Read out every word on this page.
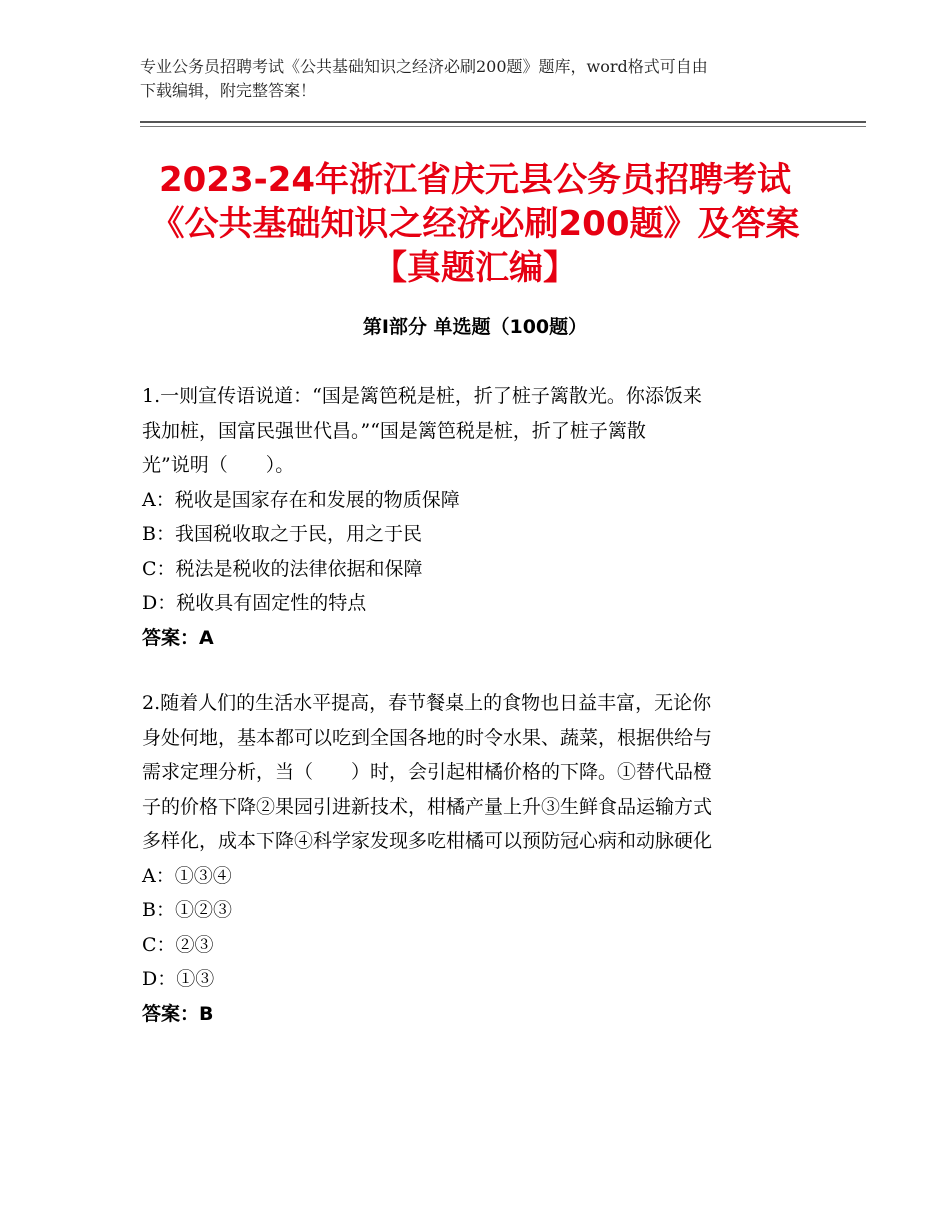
专业公务员招聘考试《公共基础知识之经济必刷200题》题库，word格式可自由
下载编辑，附完整答案！
2023-24年浙江省庆元县公务员招聘考试
《公共基础知识之经济必刷200题》及答案
【真题汇编】
第Ⅰ部分 单选题（100题）
1.一则宣传语说道：“国是篱笆税是桩，折了桩子篱散光。你添饭来
我加桩，国富民强世代昌。”“国是篱笆税是桩，折了桩子篱散
光”说明（　　）。
A：税收是国家存在和发展的物质保障
B：我国税收取之于民，用之于民
C：税法是税收的法律依据和保障
D：税收具有固定性的特点
答案：A
2.随着人们的生活水平提高，春节餐桌上的食物也日益丰富，无论你
身处何地，基本都可以吃到全国各地的时令水果、蔬菜，根据供给与
需求定理分析，当（　　）时，会引起柑橘价格的下降。①替代品橙
子的价格下降②果园引进新技术，柑橘产量上升③生鲜食品运输方式
多样化，成本下降④科学家发现多吃柑橘可以预防冠心病和动脉硬化
A：①③④
B：①②③
C：②③
D：①③
答案：B
